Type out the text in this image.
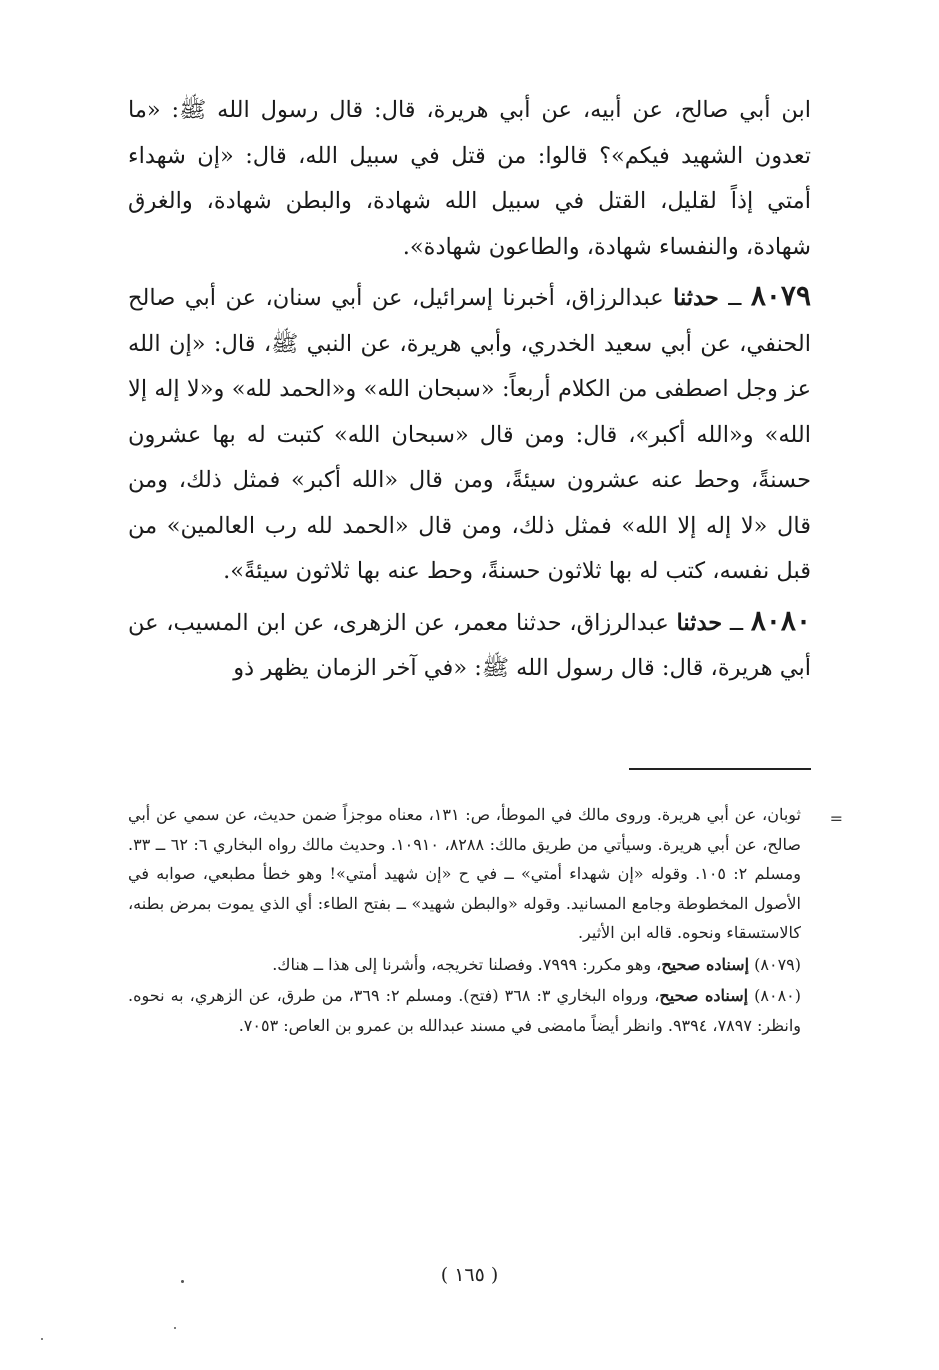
ابن أبي صالح، عن أبيه، عن أبي هريرة، قال: قال رسول الله ﷺ: «ما تعدون الشهيد فيكم»؟ قالوا: من قتل في سبيل الله، قال: «إن شهداء أمتي إذاً لقليل، القتل في سبيل الله شهادة، والبطن شهادة، والغرق شهادة، والنفساء شهادة، والطاعون شهادة».

٨٠٧٩ ــ حدثنا عبدالرزاق، أخبرنا إسرائيل، عن أبي سنان، عن أبي صالح الحنفي، عن أبي سعيد الخدري، وأبي هريرة، عن النبي ﷺ، قال: «إن الله عز وجل اصطفى من الكلام أربعاً: «سبحان الله» و«الحمد لله» و«لا إله إلا الله» و«الله أكبر»، قال: ومن قال «سبحان الله» كتبت له بها عشرون حسنةً، وحط عنه عشرون سيئةً، ومن قال «الله أكبر» فمثل ذلك، ومن قال «لا إله إلا الله» فمثل ذلك، ومن قال «الحمد لله رب العالمين» من قبل نفسه، كتب له بها ثلاثون حسنةً، وحط عنه بها ثلاثون سيئةً».

٨٠٨٠ ــ حدثنا عبدالرزاق، حدثنا معمر، عن الزهرى، عن ابن المسيب، عن أبي هريرة، قال: قال رسول الله ﷺ: «في آخر الزمان يظهر ذو

=
ثوبان، عن أبي هريرة. وروى مالك في الموطأ، ص: ١٣١، معناه موجزاً ضمن حديث، عن سمي عن أبي صالح، عن أبي هريرة. وسيأتي من طريق مالك: ٨٢٨٨، ١٠٩١٠. وحديث مالك رواه البخاري ٦: ٦٢ ــ ٣٣. ومسلم ٢: ١٠٥. وقوله «إن شهداء أمتي» ــ في ح «إن شهيد أمتي»! وهو خطأ مطبعي، صوابه في الأصول المخطوطة وجامع المسانيد. وقوله «والبطن شهيد» ــ بفتح الطاء: أي الذي يموت بمرض بطنه، كالاستسقاء ونحوه. قاله ابن الأثير.

(٨٠٧٩) إسناده صحيح، وهو مكرر: ٧٩٩٩. وفصلنا تخريجه، وأشرنا إلى هذا ــ هناك.

(٨٠٨٠) إسناده صحيح، ورواه البخاري ٣: ٣٦٨ (فتح). ومسلم ٢: ٣٦٩، من طرق، عن الزهري، به نحوه. وانظر: ٧٨٩٧، ٩٣٩٤. وانظر أيضاً مامضى في مسند عبدالله بن عمرو بن العاص: ٧٠٥٣.

( ١٦٥ )
